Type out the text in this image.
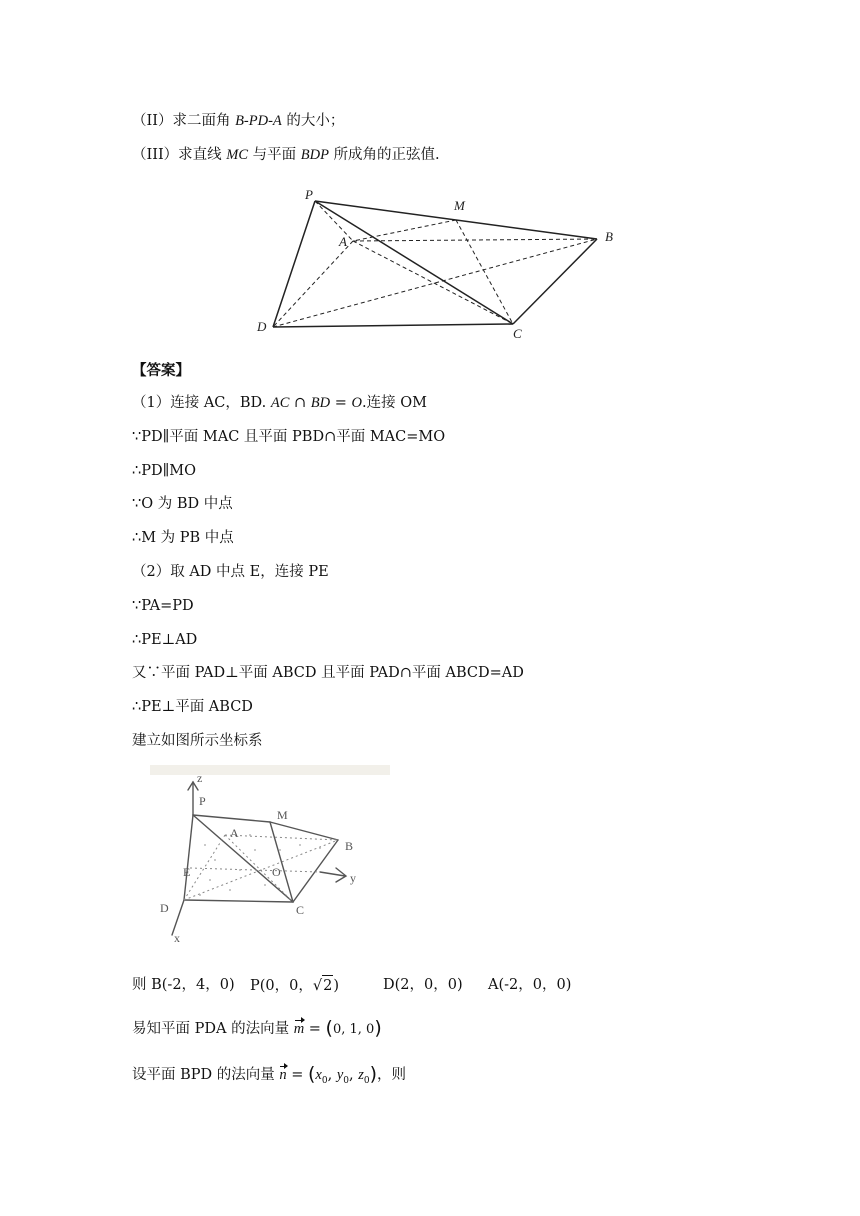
（II）求二面角 B-PD-A 的大小；
（III）求直线 MC 与平面 BDP 所成角的正弦值.
P
M
A	B
D	C
【答案】
（1）连接 AC，BD. AC ∩ BD = O.连接 OM
∵PD∥平面 MAC 且平面 PBD∩平面 MAC=MO
∴PD∥MO
∵O 为 BD 中点
∴M 为 PB 中点
（2）取 AD 中点 E，连接 PE
∵PA=PD
∴PE⊥AD
又∵平面 PAD⊥平面 ABCD 且平面 PAD∩平面 ABCD=AD
∴PE⊥平面 ABCD
建立如图所示坐标系
z
P
M
A
B
E	O	y
D	C
x
则 B(-2，4，0) P(0，0，√2)	D(2，0，0) A(-2，0，0)
易知平面 PDA 的法向量 m = (0, 1, 0)
设平面 BPD 的法向量 $n = (x_0$, $y_0$, $z_0$)，则
